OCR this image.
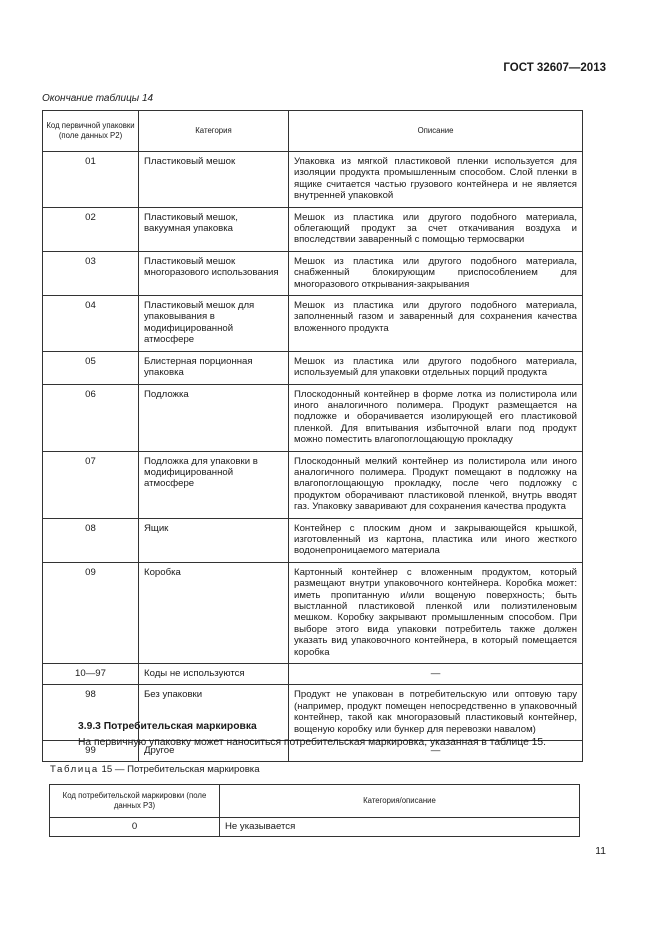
ГОСТ 32607—2013
Окончание таблицы 14
Код первичной упаковки (поле данных Р2)	Категория	Описание
01	Пластиковый мешок	Упаковка из мягкой пластиковой пленки используется для изоляции продукта промышленным способом. Слой пленки в ящике считается частью грузового контейнера и не является внутренней упаковкой
02	Пластиковый мешок, вакуумная упаковка	Мешок из пластика или другого подобного материала, облегающий продукт за счет откачивания воздуха и впоследствии заваренный с помощью термосварки
03	Пластиковый мешок многоразового использования	Мешок из пластика или другого подобного материала, снабженный блокирующим приспособлением для многоразового открывания-закрывания
04	Пластиковый мешок для упаковывания в модифицированной атмосфере	Мешок из пластика или другого подобного материала, заполненный газом и заваренный для сохранения качества вложенного продукта
05	Блистерная порционная упаковка	Мешок из пластика или другого подобного материала, используемый для упаковки отдельных порций продукта
06	Подложка	Плоскодонный контейнер в форме лотка из полистирола или иного аналогичного полимера. Продукт размещается на подложке и оборачивается изолирующей его пластиковой пленкой. Для впитывания избыточной влаги под продукт можно поместить влагопоглощающую прокладку
07	Подложка для упаковки в модифицированной атмосфере	Плоскодонный мелкий контейнер из полистирола или иного аналогичного полимера. Продукт помещают в подложку на влагопоглощающую прокладку, после чего подложку с продуктом оборачивают пластиковой пленкой, внутрь вводят газ. Упаковку заваривают для сохранения качества продукта
08	Ящик	Контейнер с плоским дном и закрывающейся крышкой, изготовленный из картона, пластика или иного жесткого водонепроницаемого материала
09	Коробка	Картонный контейнер с вложенным продуктом, который размещают внутри упаковочного контейнера. Коробка может: иметь пропитанную и/или вощеную поверхность; быть выстланной пластиковой пленкой или полиэтиленовым мешком. Коробку закрывают промышленным способом. При выборе этого вида упаковки потребитель также должен указать вид упаковочного контейнера, в который помещается коробка
10—97	Коды не используются	—
98	Без упаковки	Продукт не упакован в потребительскую или оптовую тару (например, продукт помещен непосредственно в упаковочный контейнер, такой как многоразовый пластиковый контейнер, вощеную коробку или бункер для перевозки навалом)
99	Другое	—
3.9.3 Потребительская маркировка
На первичную упаковку может наноситься потребительская маркировка, указанная в таблице 15.
Таблица 15 — Потребительская маркировка
Код потребительской маркировки (поле данных Р3)	Категория/описание
0	Не указывается
11
